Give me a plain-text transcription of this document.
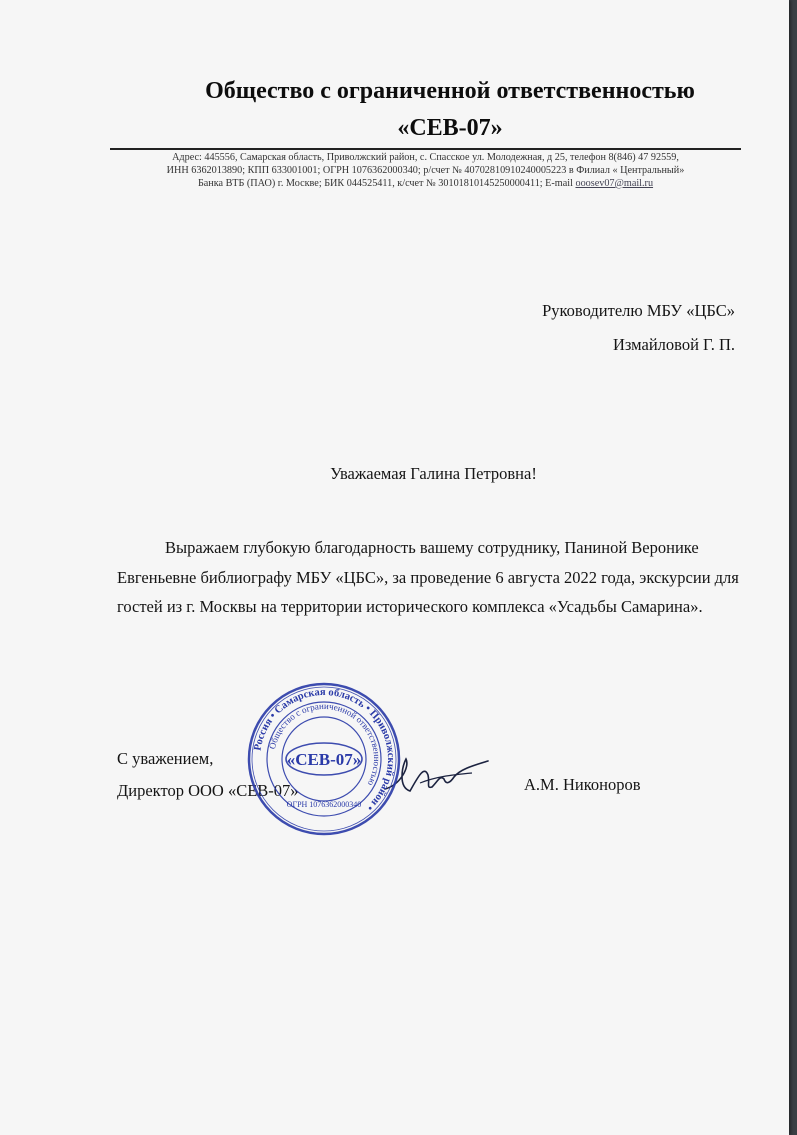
Общество с ограниченной ответственностью
«СЕВ-07»
Адрес: 445556, Самарская область, Приволжский район, с. Спасское ул. Молодежная, д 25, телефон 8(846) 47 92559,
ИНН 6362013890; КПП 633001001; ОГРН 1076362000340; р/счет № 40702810910240005223 в Филиал « Центральный»
Банка ВТБ (ПАО) г. Москве; БИК 044525411, к/счет № 30101810145250000411; E-mail ooosev07@mail.ru
Руководителю МБУ «ЦБС»
Измайловой Г. П.
Уважаемая Галина Петровна!

Выражаем глубокую благодарность вашему сотруднику, Паниной Веронике Евгеньевне библиографу МБУ «ЦБС», за проведение 6 августа 2022 года, экскурсии для гостей из г. Москвы на территории исторического комплекса «Усадьбы Самарина».

С уважением,
Директор ООО «СЕВ-07»	А.М. Никоноров
Россия • Самарская область • Приволжский район •
Общество с ограниченной ответственностью
«СЕВ-07»
ОГРН 1076362000340
